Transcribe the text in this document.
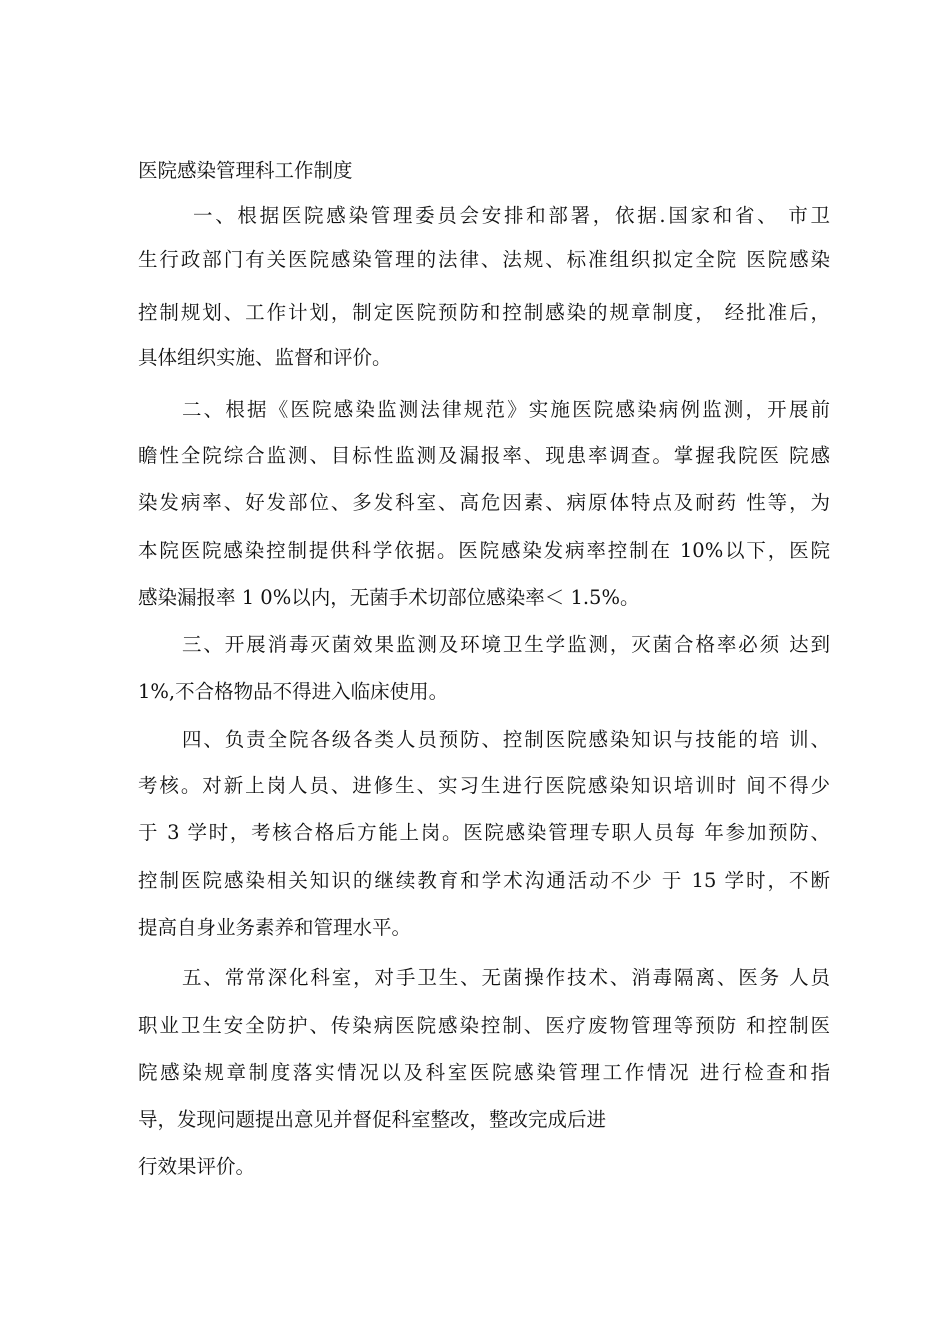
医院感染管理科工作制度
一、根据医院感染管理委员会安排和部署，依据.国家和省、 市卫
生行政部门有关医院感染管理的法律、法规、标准组织拟定全院 医院感染
控制规划、工作计划，制定医院预防和控制感染的规章制度， 经批准后，
具体组织实施、监督和评价。
二、根据《医院感染监测法律规范》实施医院感染病例监测，开展前
瞻性全院综合监测、目标性监测及漏报率、现患率调查。掌握我院医 院感
染发病率、好发部位、多发科室、高危因素、病原体特点及耐药 性等，为
本院医院感染控制提供科学依据。医院感染发病率控制在 10%以下，医院
感染漏报率 1 0%以内，无菌手术切部位感染率＜ 1.5%。
三、开展消毒灭菌效果监测及环境卫生学监测，灭菌合格率必须 达到
1%,不合格物品不得进入临床使用。
四、负责全院各级各类人员预防、控制医院感染知识与技能的培 训、
考核。对新上岗人员、进修生、实习生进行医院感染知识培训时 间不得少
于 3 学时，考核合格后方能上岗。医院感染管理专职人员每 年参加预防、
控制医院感染相关知识的继续教育和学术沟通活动不少 于 15 学时，不断
提高自身业务素养和管理水平。
五、常常深化科室，对手卫生、无菌操作技术、消毒隔离、医务 人员
职业卫生安全防护、传染病医院感染控制、医疗废物管理等预防 和控制医
院感染规章制度落实情况以及科室医院感染管理工作情况 进行检查和指
导，发现问题提出意见并督促科室整改，整改完成后进
行效果评价。
